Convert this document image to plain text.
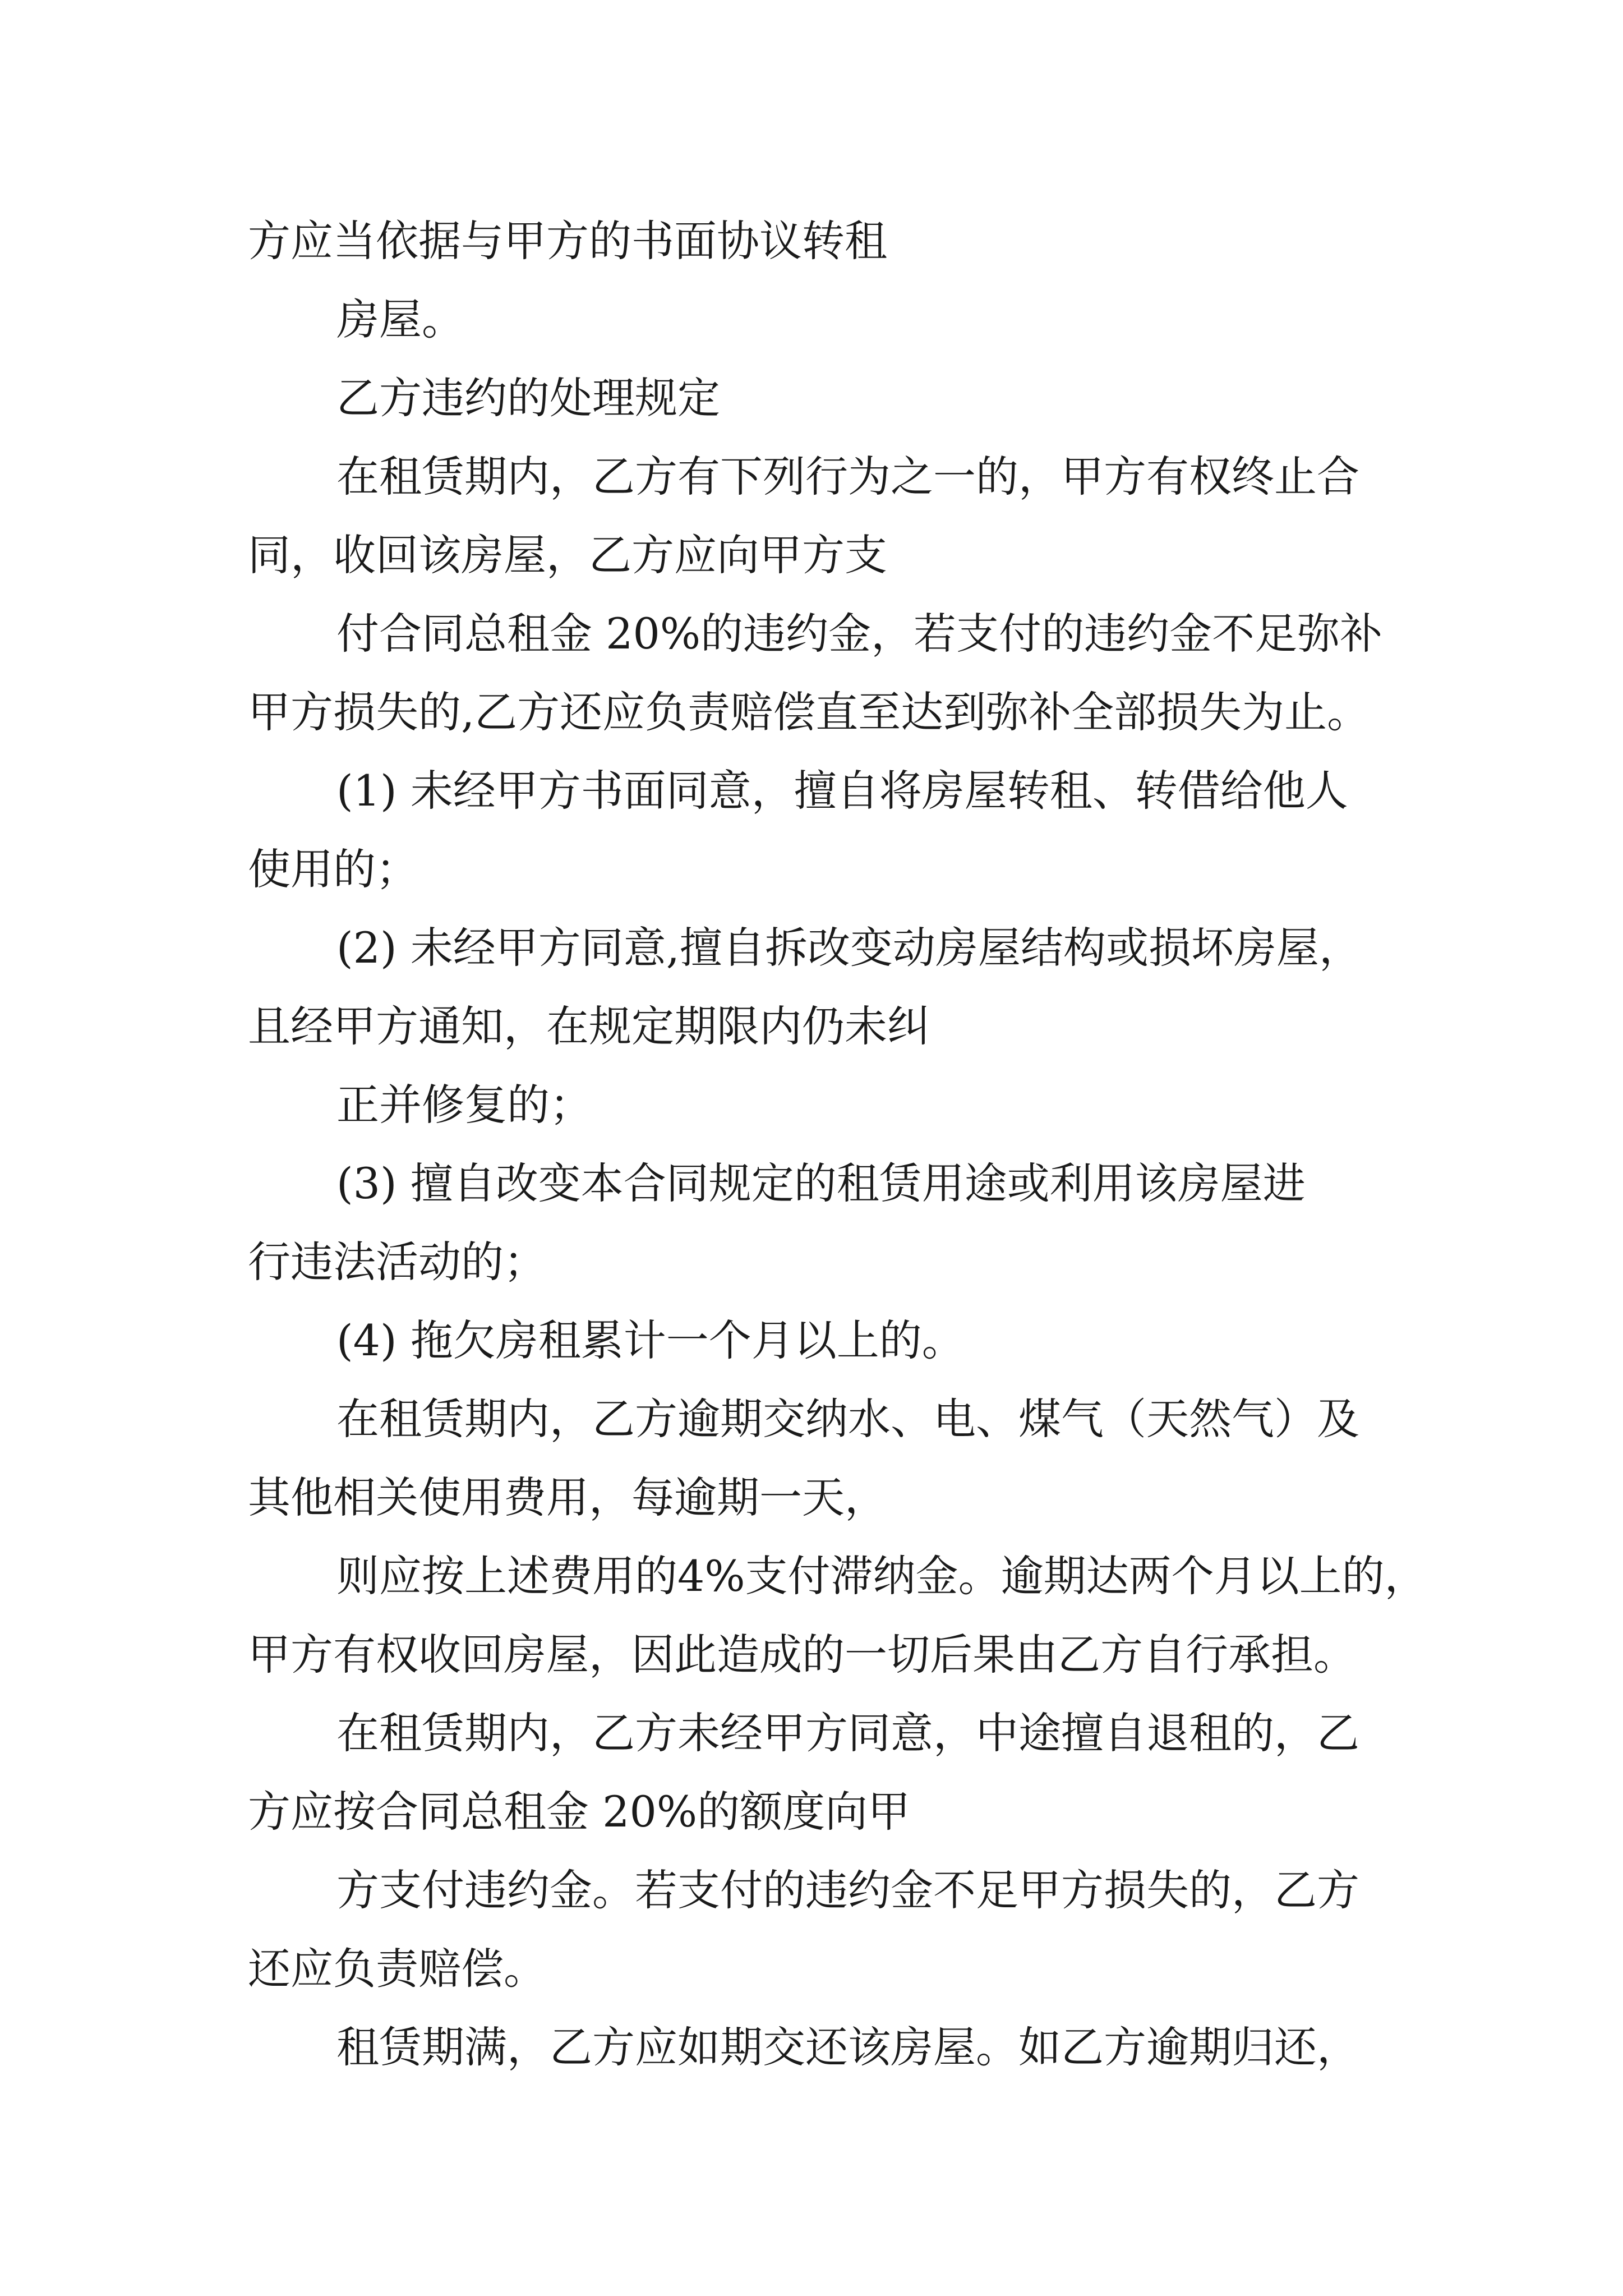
方应当依据与甲方的书面协议转租
房屋。
乙方违约的处理规定
在租赁期内，乙方有下列行为之一的，甲方有权终止合
同，收回该房屋，乙方应向甲方支
付合同总租金 20%的违约金，若支付的违约金不足弥补
甲方损失的,乙方还应负责赔偿直至达到弥补全部损失为止。
(1) 未经甲方书面同意，擅自将房屋转租、转借给他人
使用的；
(2) 未经甲方同意,擅自拆改变动房屋结构或损坏房屋，
且经甲方通知，在规定期限内仍未纠
正并修复的；
(3) 擅自改变本合同规定的租赁用途或利用该房屋进
行违法活动的；
(4) 拖欠房租累计一个月以上的。
在租赁期内，乙方逾期交纳水、电、煤气（天然气）及
其他相关使用费用，每逾期一天，
则应按上述费用的4%支付滞纳金。逾期达两个月以上的，
甲方有权收回房屋，因此造成的一切后果由乙方自行承担。
在租赁期内，乙方未经甲方同意，中途擅自退租的，乙
方应按合同总租金 20%的额度向甲
方支付违约金。若支付的违约金不足甲方损失的，乙方
还应负责赔偿。
租赁期满，乙方应如期交还该房屋。如乙方逾期归还，
